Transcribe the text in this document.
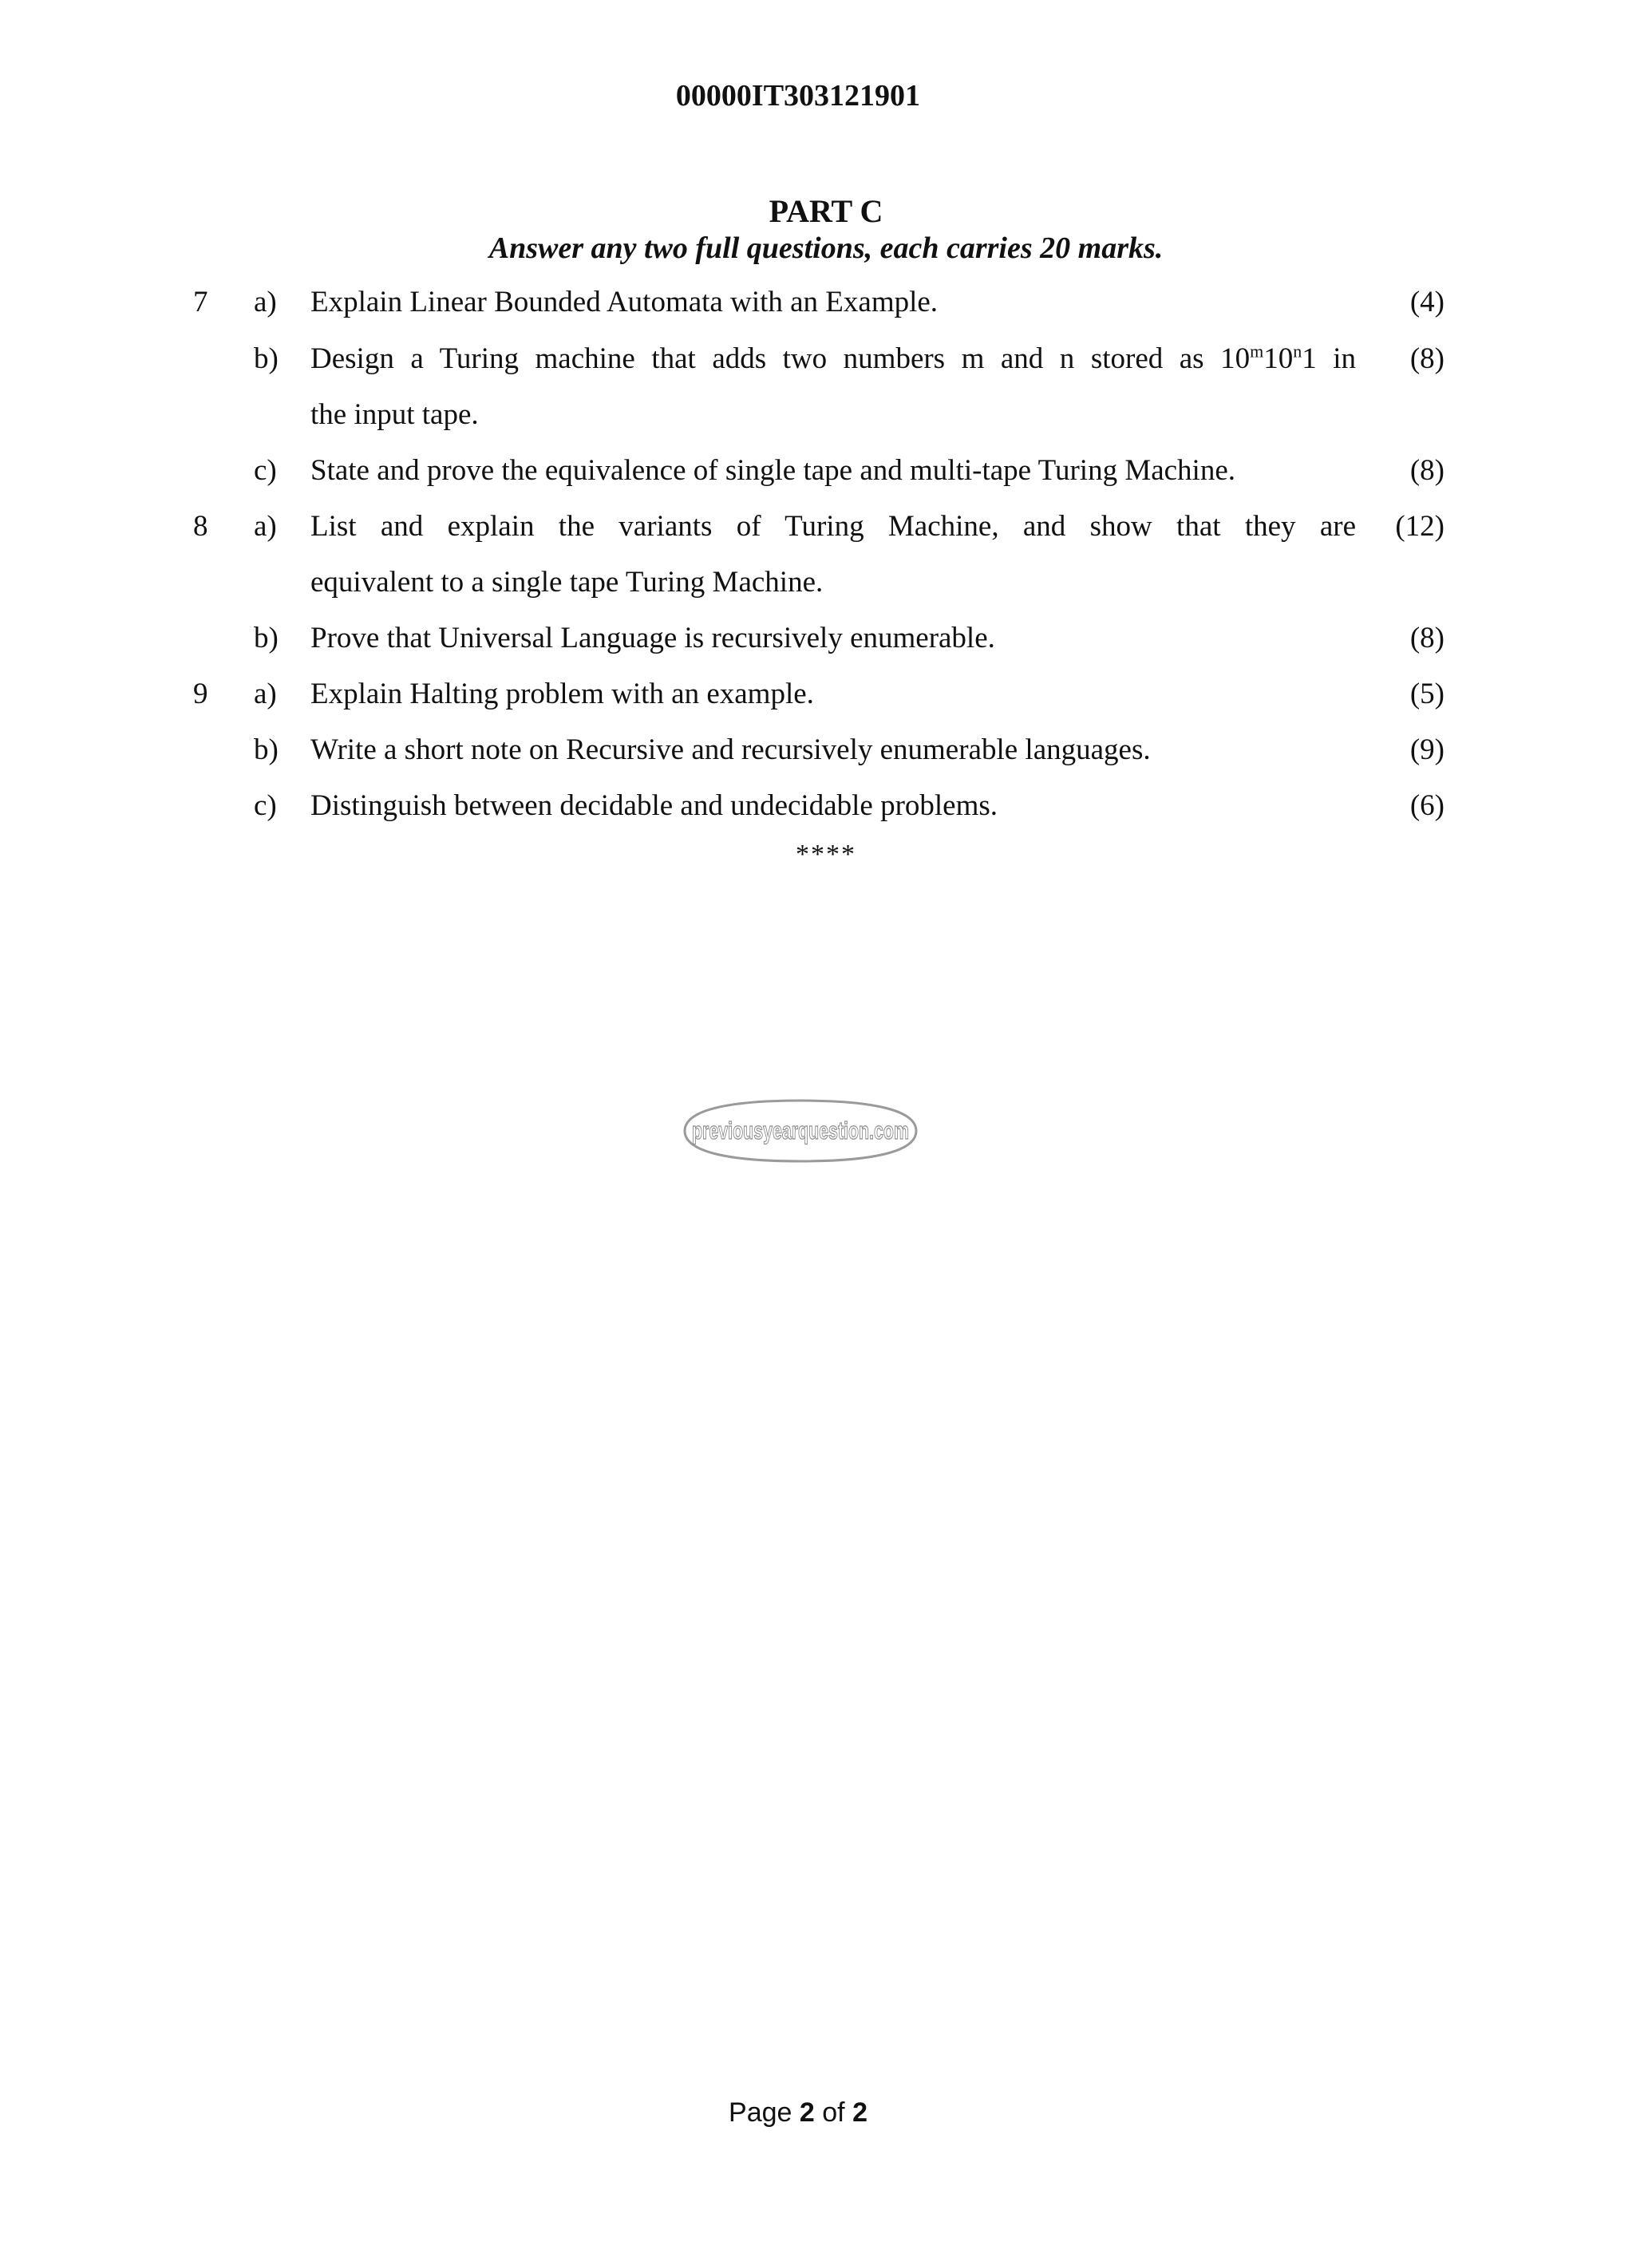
00000IT303121901
PART C
Answer any two full questions, each carries 20 marks.
7 a) Explain Linear Bounded Automata with an Example.	(4)
b) Design a Turing machine that adds two numbers m and n stored as 10$^m$10$^n$1 in (8)
the input tape.
c) State and prove the equivalence of single tape and multi-tape Turing Machine.	(8)
8 a) List and explain the variants of Turing Machine, and show that they are (12)
equivalent to a single tape Turing Machine.
b) Prove that Universal Language is recursively enumerable.	(8)
9 a) Explain Halting problem with an example.	(5)
b) Write a short note on Recursive and recursively enumerable languages.	(9)
c) Distinguish between decidable and undecidable problems.	(6)
****
previousyearquestion.com
Page 2 of 2
